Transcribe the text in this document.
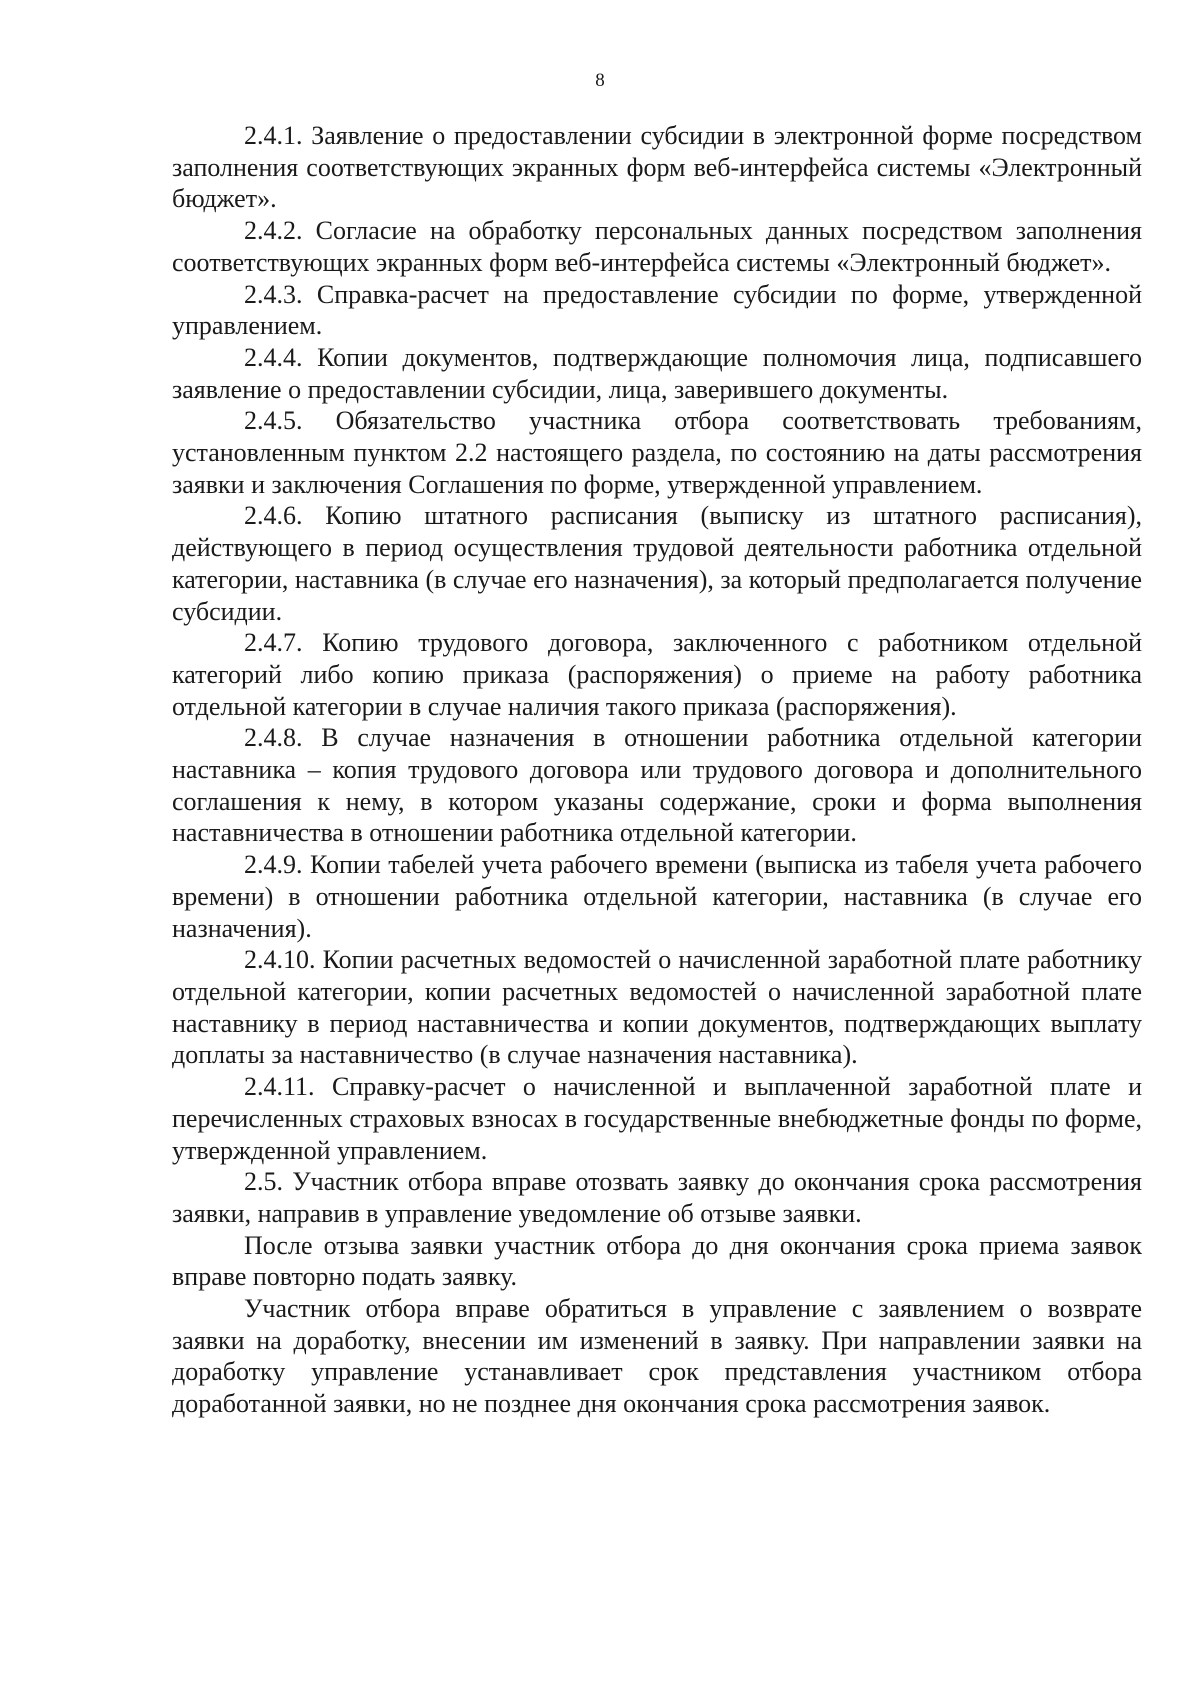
8

2.4.1. Заявление о предоставлении субсидии в электронной форме посредством заполнения соответствующих экранных форм веб-интерфейса системы «Электронный бюджет».

2.4.2. Согласие на обработку персональных данных посредством заполнения соответствующих экранных форм веб-интерфейса системы «Электронный бюджет».

2.4.3. Справка-расчет на предоставление субсидии по форме, утвержденной управлением.

2.4.4. Копии документов, подтверждающие полномочия лица, подписавшего заявление о предоставлении субсидии, лица, заверившего документы.

2.4.5. Обязательство участника отбора соответствовать требованиям, установленным пунктом 2.2 настоящего раздела, по состоянию на даты рассмотрения заявки и заключения Соглашения по форме, утвержденной управлением.

2.4.6. Копию штатного расписания (выписку из штатного расписания), действующего в период осуществления трудовой деятельности работника отдельной категории, наставника (в случае его назначения), за который предполагается получение субсидии.

2.4.7. Копию трудового договора, заключенного с работником отдельной категорий либо копию приказа (распоряжения) о приеме на работу работника отдельной категории в случае наличия такого приказа (распоряжения).

2.4.8. В случае назначения в отношении работника отдельной категории наставника – копия трудового договора или трудового договора и дополнительного соглашения к нему, в котором указаны содержание, сроки и форма выполнения наставничества в отношении работника отдельной категории.

2.4.9. Копии табелей учета рабочего времени (выписка из табеля учета рабочего времени) в отношении работника отдельной категории, наставника (в случае его назначения).

2.4.10. Копии расчетных ведомостей о начисленной заработной плате работнику отдельной категории, копии расчетных ведомостей о начисленной заработной плате наставнику в период наставничества и копии документов, подтверждающих выплату доплаты за наставничество (в случае назначения наставника).

2.4.11. Справку-расчет о начисленной и выплаченной заработной плате и перечисленных страховых взносах в государственные внебюджетные фонды по форме, утвержденной управлением.

2.5. Участник отбора вправе отозвать заявку до окончания срока рассмотрения заявки, направив в управление уведомление об отзыве заявки.

После отзыва заявки участник отбора до дня окончания срока приема заявок вправе повторно подать заявку.

Участник отбора вправе обратиться в управление с заявлением о возврате заявки на доработку, внесении им изменений в заявку. При направлении заявки на доработку управление устанавливает срок представления участником отбора доработанной заявки, но не позднее дня окончания срока рассмотрения заявок.
